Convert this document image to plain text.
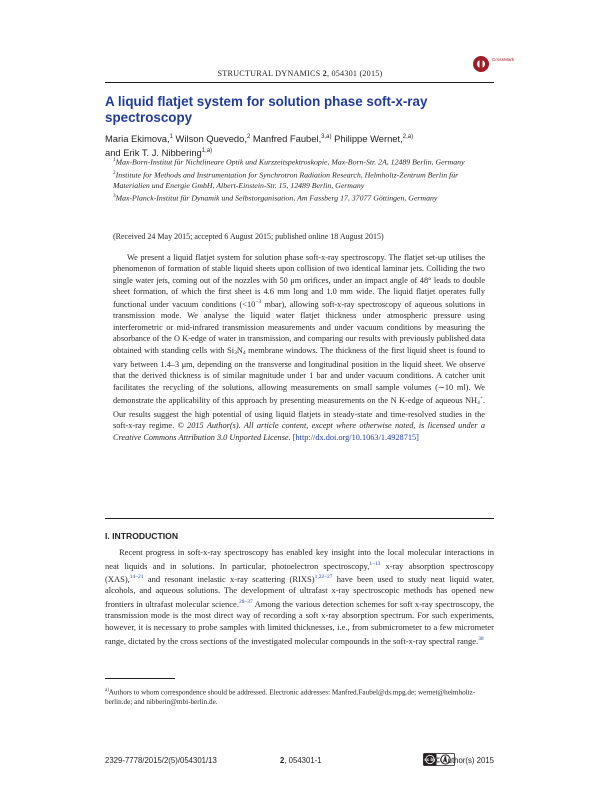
STRUCTURAL DYNAMICS 2, 054301 (2015)
CrossMark
A liquid flatjet system for solution phase soft-x-ray spectroscopy
Maria Ekimova,$^1$ Wilson Quevedo,$^2$ Manfred Faubel,$^{3,a)}$ Philippe Wernet,$^{2,a)}$
and Erik T. J. Nibbering$^{1,a)}$
$^1$Max-Born-Institut für Nichtlineare Optik und Kurzzeitspektroskopie, Max-Born-Str. 2A, 12489 Berlin, Germany
$^2$Institute for Methods and Instrumentation for Synchrotron Radiation Research, Helmholtz-Zentrum Berlin für Materialien und Energie GmbH, Albert-Einstein-Str. 15, 12489 Berlin, Germany
$^3$Max-Planck-Institut für Dynamik und Selbstorganisation, Am Fassberg 17, 37077 Göttingen, Germany
(Received 24 May 2015; accepted 6 August 2015; published online 18 August 2015)
We present a liquid flatjet system for solution phase soft-x-ray spectroscopy. The flatjet set-up utilises the phenomenon of formation of stable liquid sheets upon collision of two identical laminar jets. Colliding the two single water jets, coming out of the nozzles with 50 μm orifices, under an impact angle of 48° leads to double sheet formation, of which the first sheet is 4.6 mm long and 1.0 mm wide. The liquid flatjet operates fully functional under vacuum conditions ($<10^{-3}$ mbar), allowing soft-x-ray spectroscopy of aqueous solutions in transmission mode. We analyse the liquid water flatjet thickness under atmospheric pressure using interferometric or mid-infrared transmission measurements and under vacuum conditions by measuring the absorbance of the O K-edge of water in transmission, and comparing our results with previously published data obtained with standing cells with Si3N4 membrane windows. The thickness of the first liquid sheet is found to vary between 1.4–3 μm, depending on the transverse and longitudinal position in the liquid sheet. We observe that the derived thickness is of similar magnitude under 1 bar and under vacuum conditions. A catcher unit facilitates the recycling of the solutions, allowing measurements on small sample volumes (∼10 ml). We demonstrate the applicability of this approach by presenting measurements on the N K-edge of aqueous NH4+. Our results suggest the high potential of using liquid flatjets in steady-state and time-resolved studies in the soft-x-ray regime. © 2015 Author(s). All article content, except where otherwise noted, is licensed under a Creative Commons Attribution 3.0 Unported License. [http://dx.doi.org/10.1063/1.4928715]
I. INTRODUCTION
Recent progress in soft-x-ray spectroscopy has enabled key insight into the local molecular interactions in neat liquids and in solutions. In particular, photoelectron spectroscopy,$^{1-13}$ x-ray absorption spectroscopy (XAS),$^{14-21}$ and resonant inelastic x-ray scattering (RIXS)$^{1,22-27}$ have been used to study neat liquid water, alcohols, and aqueous solutions. The development of ultrafast x-ray spectroscopic methods has opened new frontiers in ultrafast molecular science.$^{28-37}$ Among the various detection schemes for soft x-ray spectroscopy, the transmission mode is the most direct way of recording a soft x-ray absorption spectrum. For such experiments, however, it is necessary to probe samples with limited thicknesses, i.e., from submicrometer to a few micrometer range, dictated by the cross sections of the investigated molecular compounds in the soft-x-ray spectral range.$^{38}$
$^{a)}$Authors to whom correspondence should be addressed. Electronic addresses: Manfred.Faubel@ds.mpg.de; wernet@helmholtz-berlin.de; and nibberin@mbi-berlin.de.
2329-7778/2015/2(5)/054301/13	2, 054301-1	cc by © Author(s) 2015
